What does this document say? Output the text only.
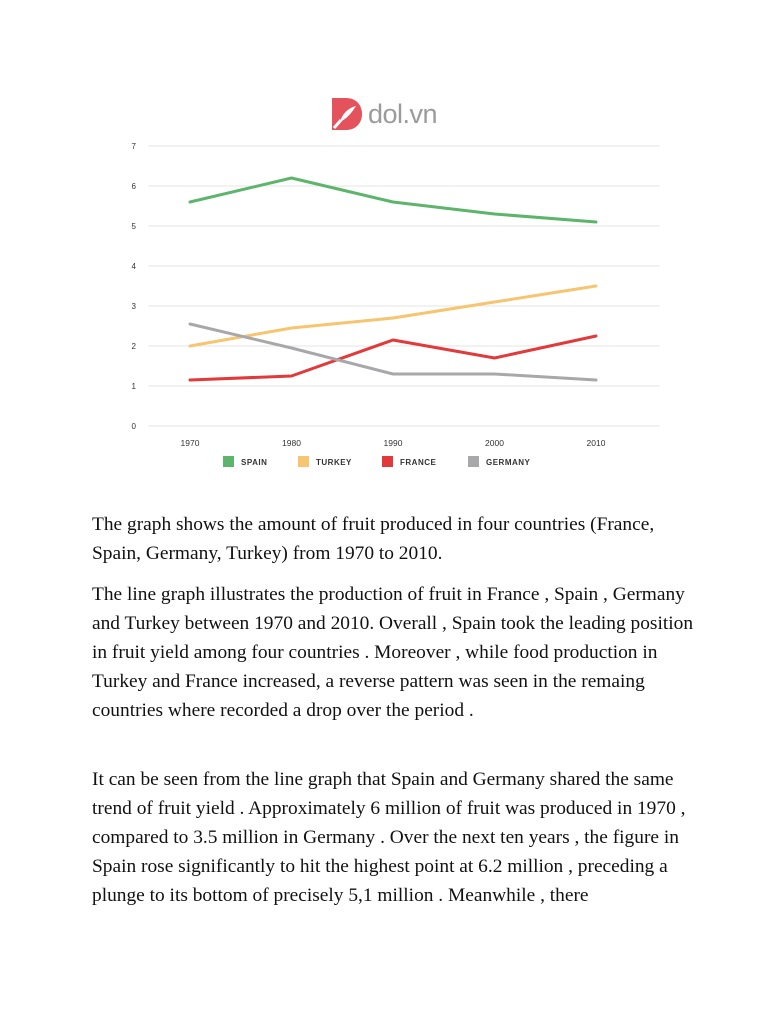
dol.vn
0
1
2
3
4
5
6
7
1970	1980	1990	2000	2010
SPAIN	TURKEY	FRANCE	GERMANY

The graph shows the amount of fruit produced in four countries (France, Spain, Germany, Turkey) from 1970 to 2010.

The line graph illustrates the production of fruit in France , Spain , Germany and Turkey between 1970 and 2010. Overall , Spain took the leading position in fruit yield among four countries . Moreover , while food production in Turkey and France increased, a reverse pattern was seen in the remaing countries where recorded a drop over the period .

It can be seen from the line graph that Spain and Germany shared the same trend of fruit yield . Approximately 6 million of fruit was produced in 1970 , compared to 3.5 million in Germany . Over the next ten years , the figure in Spain rose significantly to hit the highest point at 6.2 million , preceding a plunge to its bottom of precisely 5,1 million . Meanwhile , there
